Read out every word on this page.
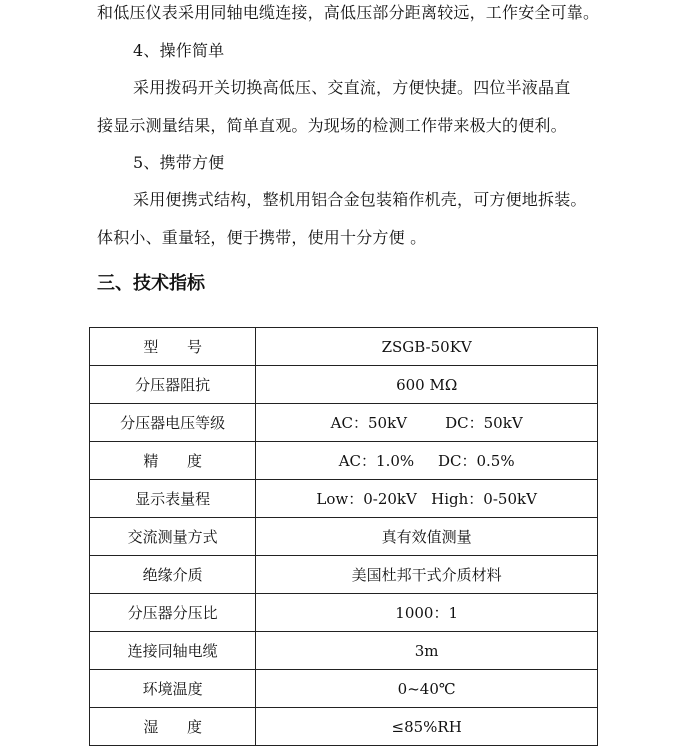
和低压仪表采用同轴电缆连接，高低压部分距离较远，工作安全可靠。
4、操作简单
采用拨码开关切换高低压、交直流，方便快捷。四位半液晶直
接显示测量结果，简单直观。为现场的检测工作带来极大的便利。
5、携带方便
采用便携式结构，整机用铝合金包装箱作机壳，可方便地拆装。
体积小、重量轻，便于携带，使用十分方便 。
三、技术指标
型      号	ZSGB-50KV
分压器阻抗	600 MΩ
分压器电压等级	AC：50kV        DC：50kV
精      度	AC：1.0%     DC：0.5%
显示表量程	Low：0-20kV   High：0-50kV
交流测量方式	真有效值测量
绝缘介质	美国杜邦干式介质材料
分压器分压比	1000：1
连接同轴电缆	3m
环境温度	0~40℃
湿      度	≤85%RH
